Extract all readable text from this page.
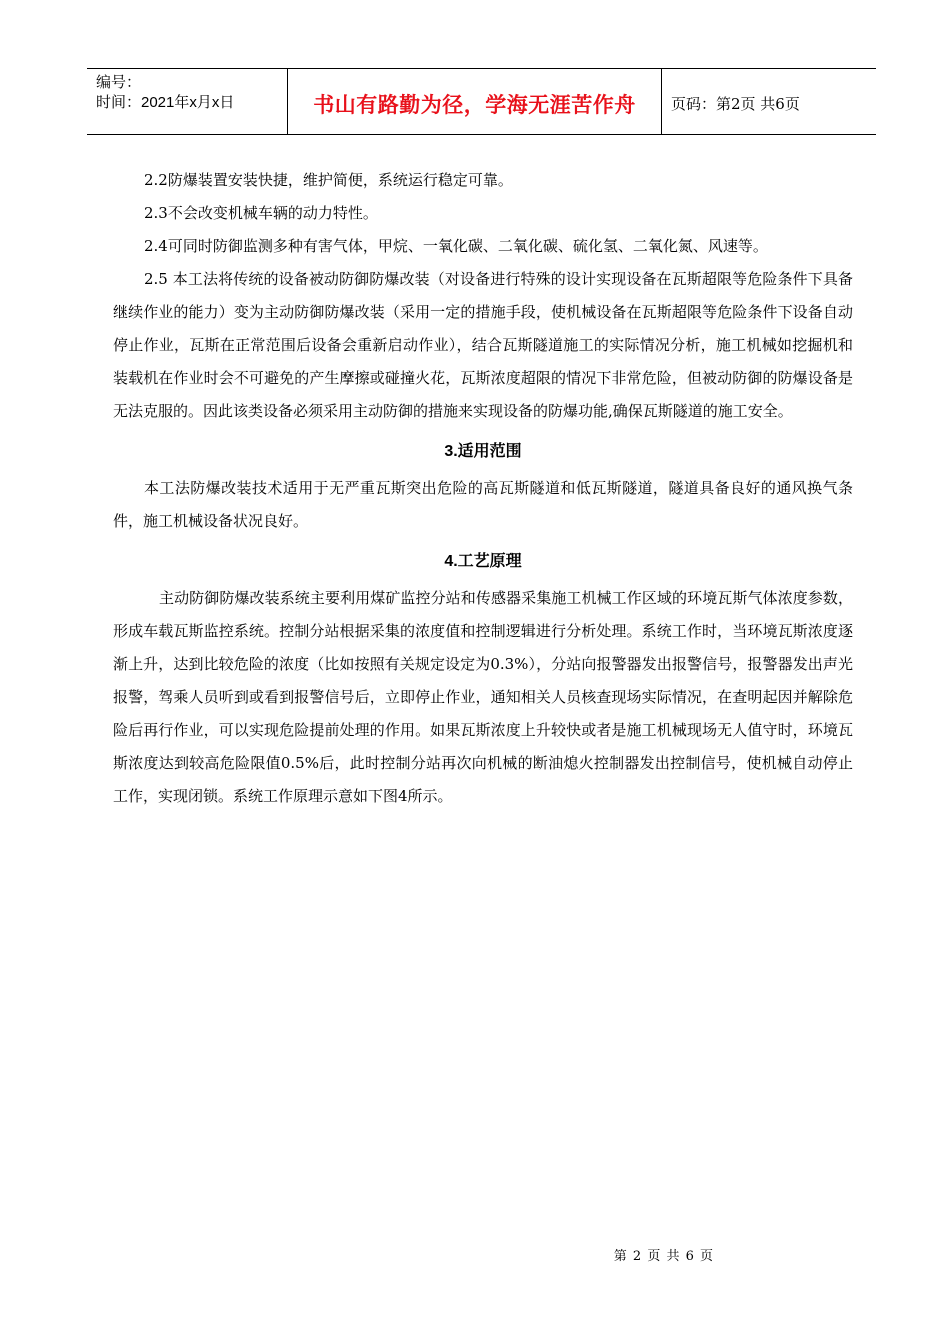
编号：
时间：2021年x月x日	书山有路勤为径，学海无涯苦作舟	页码：第2页 共6页

2.2防爆装置安装快捷，维护简便，系统运行稳定可靠。

2.3不会改变机械车辆的动力特性。

2.4可同时防御监测多种有害气体，甲烷、一氧化碳、二氧化碳、硫化氢、二氧化氮、风速等。

2.5 本工法将传统的设备被动防御防爆改装（对设备进行特殊的设计实现设备在瓦斯超限等危险条件下具备继续作业的能力）变为主动防御防爆改装（采用一定的措施手段，使机械设备在瓦斯超限等危险条件下设备自动停止作业，瓦斯在正常范围后设备会重新启动作业），结合瓦斯隧道施工的实际情况分析，施工机械如挖掘机和装载机在作业时会不可避免的产生摩擦或碰撞火花，瓦斯浓度超限的情况下非常危险，但被动防御的防爆设备是无法克服的。因此该类设备必须采用主动防御的措施来实现设备的防爆功能,确保瓦斯隧道的施工安全。

3.适用范围

本工法防爆改装技术适用于无严重瓦斯突出危险的高瓦斯隧道和低瓦斯隧道，隧道具备良好的通风换气条件，施工机械设备状况良好。

4.工艺原理

主动防御防爆改装系统主要利用煤矿监控分站和传感器采集施工机械工作区域的环境瓦斯气体浓度参数，形成车载瓦斯监控系统。控制分站根据采集的浓度值和控制逻辑进行分析处理。系统工作时，当环境瓦斯浓度逐渐上升，达到比较危险的浓度（比如按照有关规定设定为0.3%），分站向报警器发出报警信号，报警器发出声光报警，驾乘人员听到或看到报警信号后，立即停止作业，通知相关人员核查现场实际情况，在查明起因并解除危险后再行作业，可以实现危险提前处理的作用。如果瓦斯浓度上升较快或者是施工机械现场无人值守时，环境瓦斯浓度达到较高危险限值0.5%后，此时控制分站再次向机械的断油熄火控制器发出控制信号，使机械自动停止工作，实现闭锁。系统工作原理示意如下图4所示。

第 2 页 共 6 页
